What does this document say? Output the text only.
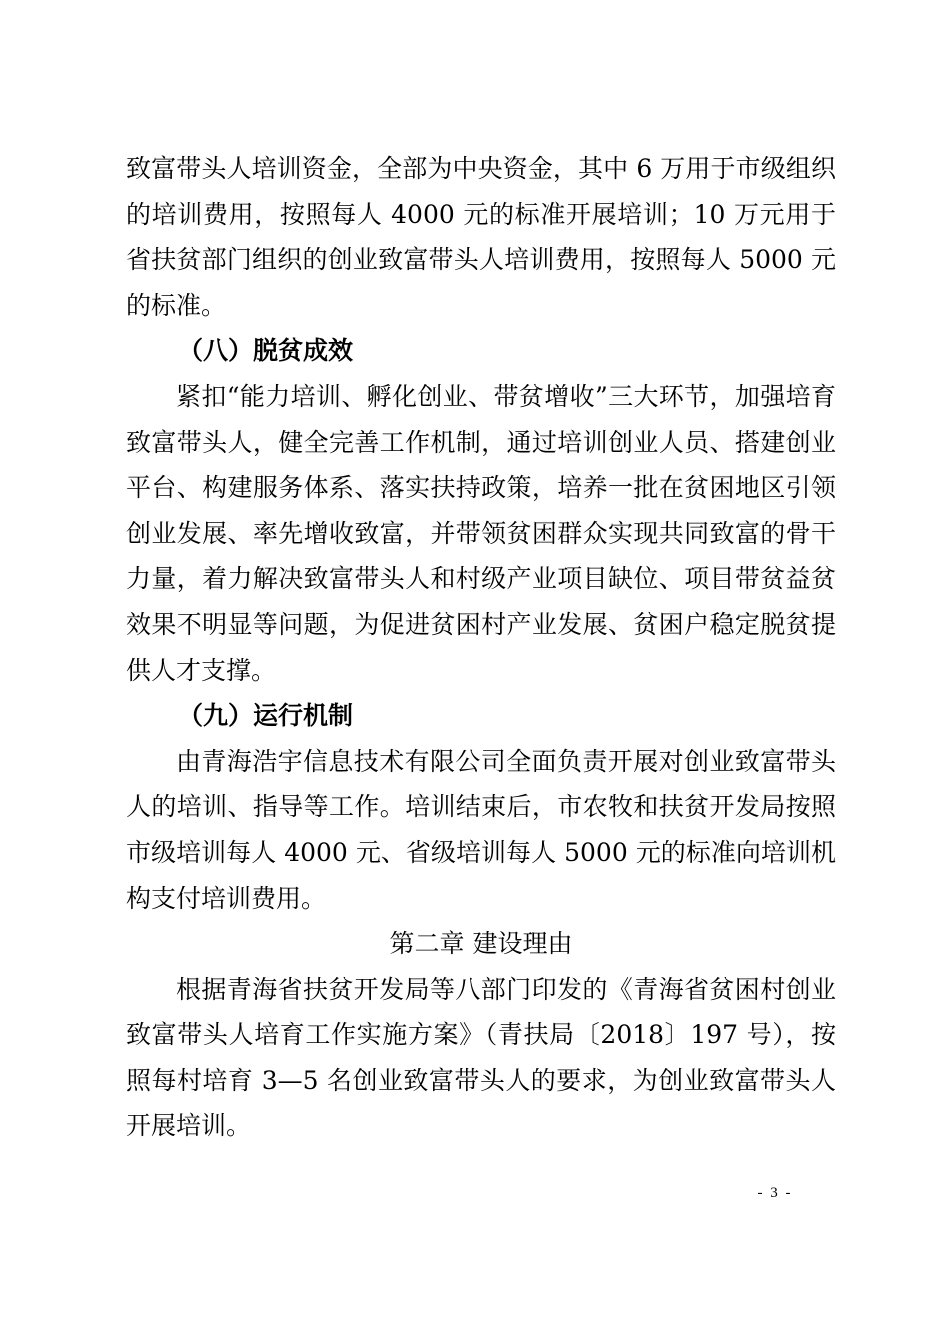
致富带头人培训资金，全部为中央资金，其中 6 万用于市级组织的培训费用，按照每人 4000 元的标准开展培训；10 万元用于省扶贫部门组织的创业致富带头人培训费用，按照每人 5000 元的标准。

（八）脱贫成效

紧扣“能力培训、孵化创业、带贫增收”三大环节，加强培育致富带头人，健全完善工作机制，通过培训创业人员、搭建创业平台、构建服务体系、落实扶持政策，培养一批在贫困地区引领创业发展、率先增收致富，并带领贫困群众实现共同致富的骨干力量，着力解决致富带头人和村级产业项目缺位、项目带贫益贫效果不明显等问题，为促进贫困村产业发展、贫困户稳定脱贫提供人才支撑。

（九）运行机制

由青海浩宇信息技术有限公司全面负责开展对创业致富带头人的培训、指导等工作。培训结束后，市农牧和扶贫开发局按照市级培训每人 4000 元、省级培训每人 5000 元的标准向培训机构支付培训费用。

第二章 建设理由

根据青海省扶贫开发局等八部门印发的《青海省贫困村创业致富带头人培育工作实施方案》（青扶局〔2018〕197 号），按照每村培育 3—5 名创业致富带头人的要求，为创业致富带头人开展培训。

- 3 -
